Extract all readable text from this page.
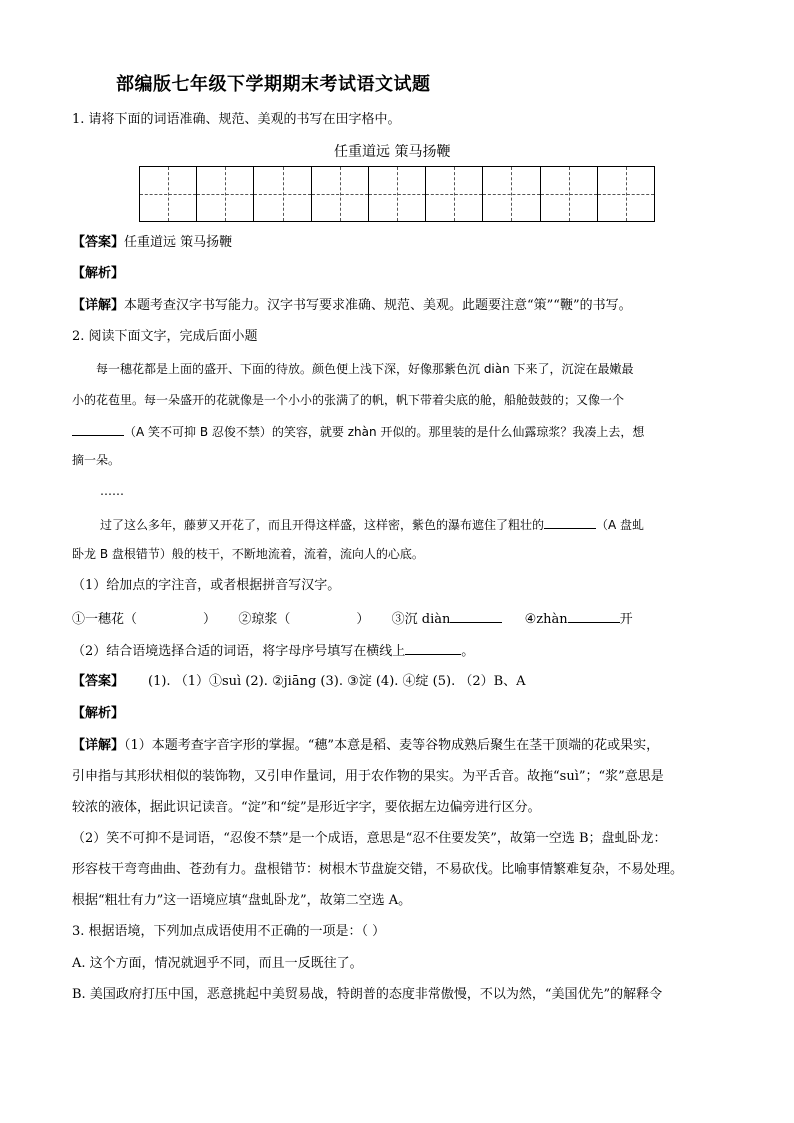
部编版七年级下学期期末考试语文试题
1. 请将下面的词语准确、规范、美观的书写在田字格中。
任重道远 策马扬鞭
【答案】任重道远 策马扬鞭
【解析】
【详解】本题考查汉字书写能力。汉字书写要求准确、规范、美观。此题要注意“策”“鞭”的书写。
2. 阅读下面文字，完成后面小题
每一穗花都是上面的盛开、下面的待放。颜色便上浅下深，好像那紫色沉 diàn 下来了，沉淀在最嫩最
小的花苞里。每一朵盛开的花就像是一个小小的张满了的帆，帆下带着尖底的舱，船舱鼓鼓的；又像一个
（A 笑不可抑 B 忍俊不禁）的笑容，就要 zhàn 开似的。那里装的是什么仙露琼浆？我凑上去，想
摘一朵。
……
过了这么多年，藤萝又开花了，而且开得这样盛，这样密，紫色的瀑布遮住了粗壮的	（A 盘虬
卧龙 B 盘根错节）般的枝干，不断地流着，流着，流向人的心底。
（1）给加点的字注音，或者根据拼音写汉字。
①一穗花（	） ②琼浆（	） ③沉 diàn	④zhàn	开
（2）结合语境选择合适的词语，将字母序号填写在横线上	。
【答案】 (1). （1）①suì (2). ②jiāng (3). ③淀 (4). ④绽 (5). （2）B、A
【解析】
【详解】（1）本题考查字音字形的掌握。“穗”本意是稻、麦等谷物成熟后聚生在茎干顶端的花或果实，
引申指与其形状相似的装饰物，又引申作量词，用于农作物的果实。为平舌音。故拖“suì”；“浆”意思是
较浓的液体，据此识记读音。“淀”和“绽”是形近字字，要依据左边偏旁进行区分。
（2）笑不可抑不是词语，“忍俊不禁”是一个成语，意思是“忍不住要发笑”，故第一空选 B；盘虬卧龙：
形容枝干弯弯曲曲、苍劲有力。盘根错节：树根木节盘旋交错，不易砍伐。比喻事情繁难复杂，不易处理。
根据“粗壮有力”这一语境应填“盘虬卧龙”，故第二空选 A。
3. 根据语境，下列加点成语使用不正确的一项是：（ ）
A. 这个方面，情况就迥乎不同，而且一反既往了。
B. 美国政府打压中国，恶意挑起中美贸易战，特朗普的态度非常傲慢，不以为然，“美国优先”的解释令
